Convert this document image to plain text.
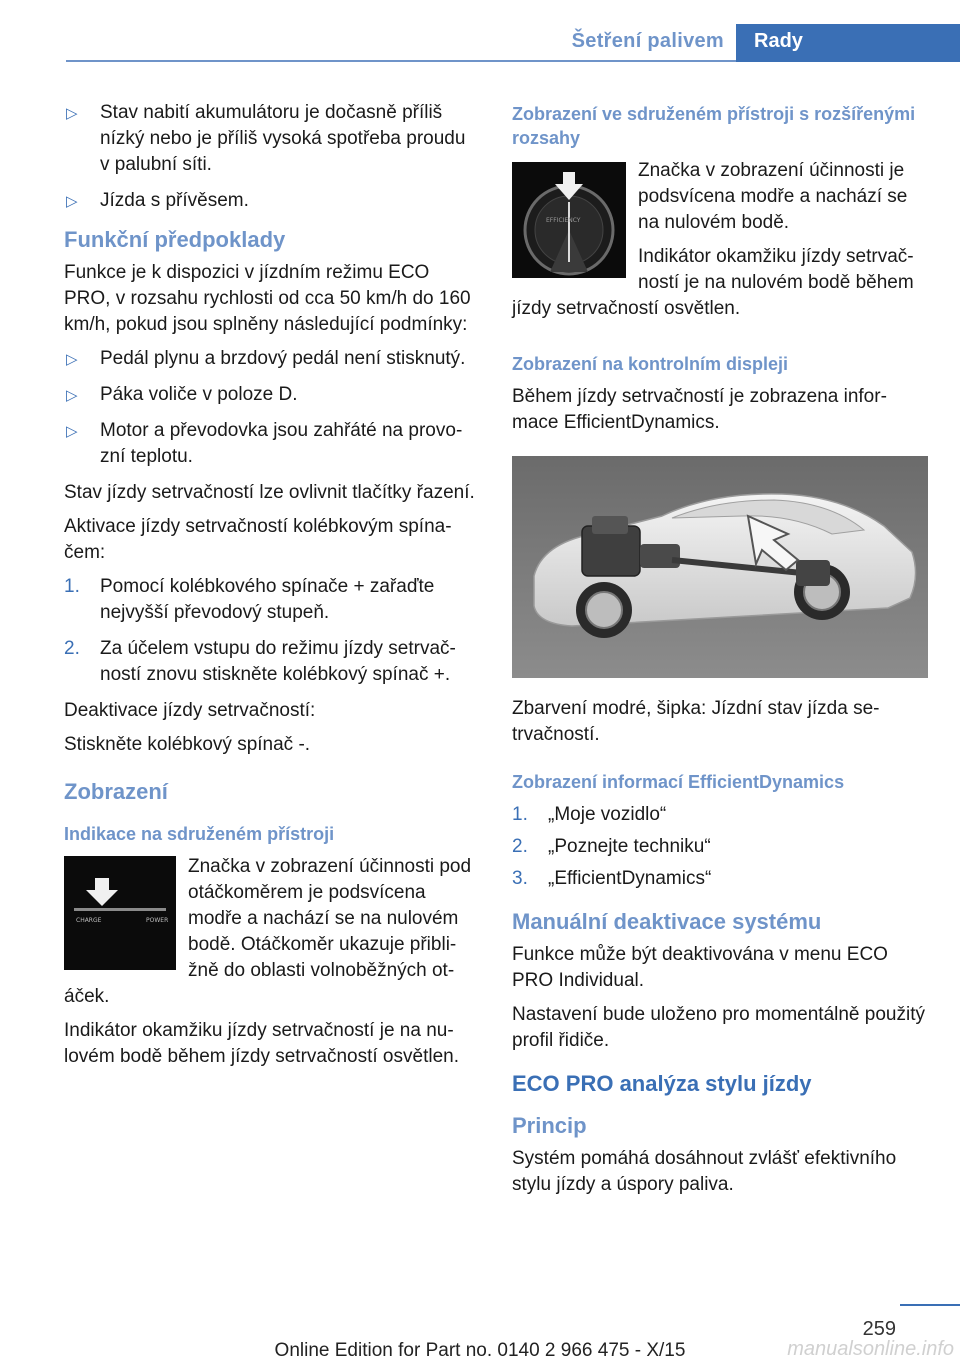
Šetření palivem	Rady
▷ Stav nabití akumulátoru je dočasně příliš nízký nebo je příliš vysoká spotřeba proudu v palubní síti.
▷ Jízda s přívěsem.
Funkční předpoklady

Funkce je k dispozici v jízdním režimu ECO PRO, v rozsahu rychlosti od cca 50 km/h do 160 km/h, pokud jsou splněny následující podmínky:

▷ Pedál plynu a brzdový pedál není stisknutý.
▷ Páka voliče v poloze D.
▷ Motor a převodovka jsou zahřáté na provozní teplotu.

Stav jízdy setrvačností lze ovlivnit tlačítky řazení.

Aktivace jízdy setrvačností kolébkovým spínačem:

1. Pomocí kolébkového spínače + zařaďte nejvyšší převodový stupeň.
2. Za účelem vstupu do režimu jízdy setrvačností znovu stiskněte kolébkový spínač +.

Deaktivace jízdy setrvačností:

Stiskněte kolébkový spínač -.

Zobrazení
Indikace na sdruženém přístroji
CHARGE	POWER

Značka v zobrazení účinnosti pod otáčkoměrem je podsvícena modře a nachází se na nulovém bodě. Otáčkoměr ukazuje přibližně do oblasti volnoběžných otáček.

Indikátor okamžiku jízdy setrvačností je na nulovém bodě během jízdy setrvačností osvětlen.

Zobrazení ve sdruženém přístroji s rozšířenými rozsahy
EFFICIENCY

Značka v zobrazení účinnosti je podsvícena modře a nachází se na nulovém bodě.

Indikátor okamžiku jízdy setrvačností je na nulovém bodě během jízdy setrvačností osvětlen.

Zobrazení na kontrolním displeji

Během jízdy setrvačností je zobrazena informace EfficientDynamics.

Zbarvení modré, šipka: Jízdní stav jízda setrvačností.

Zobrazení informací EfficientDynamics
1. „Moje vozidlo“
2. „Poznejte techniku“
3. „EfficientDynamics“
Manuální deaktivace systému

Funkce může být deaktivována v menu ECO PRO Individual.

Nastavení bude uloženo pro momentálně použitý profil řidiče.

ECO PRO analýza stylu jízdy
Princip

Systém pomáhá dosáhnout zvlášť efektivního stylu jízdy a úspory paliva.

259
Online Edition for Part no. 0140 2 966 475 - X/15	manualsonline.info
